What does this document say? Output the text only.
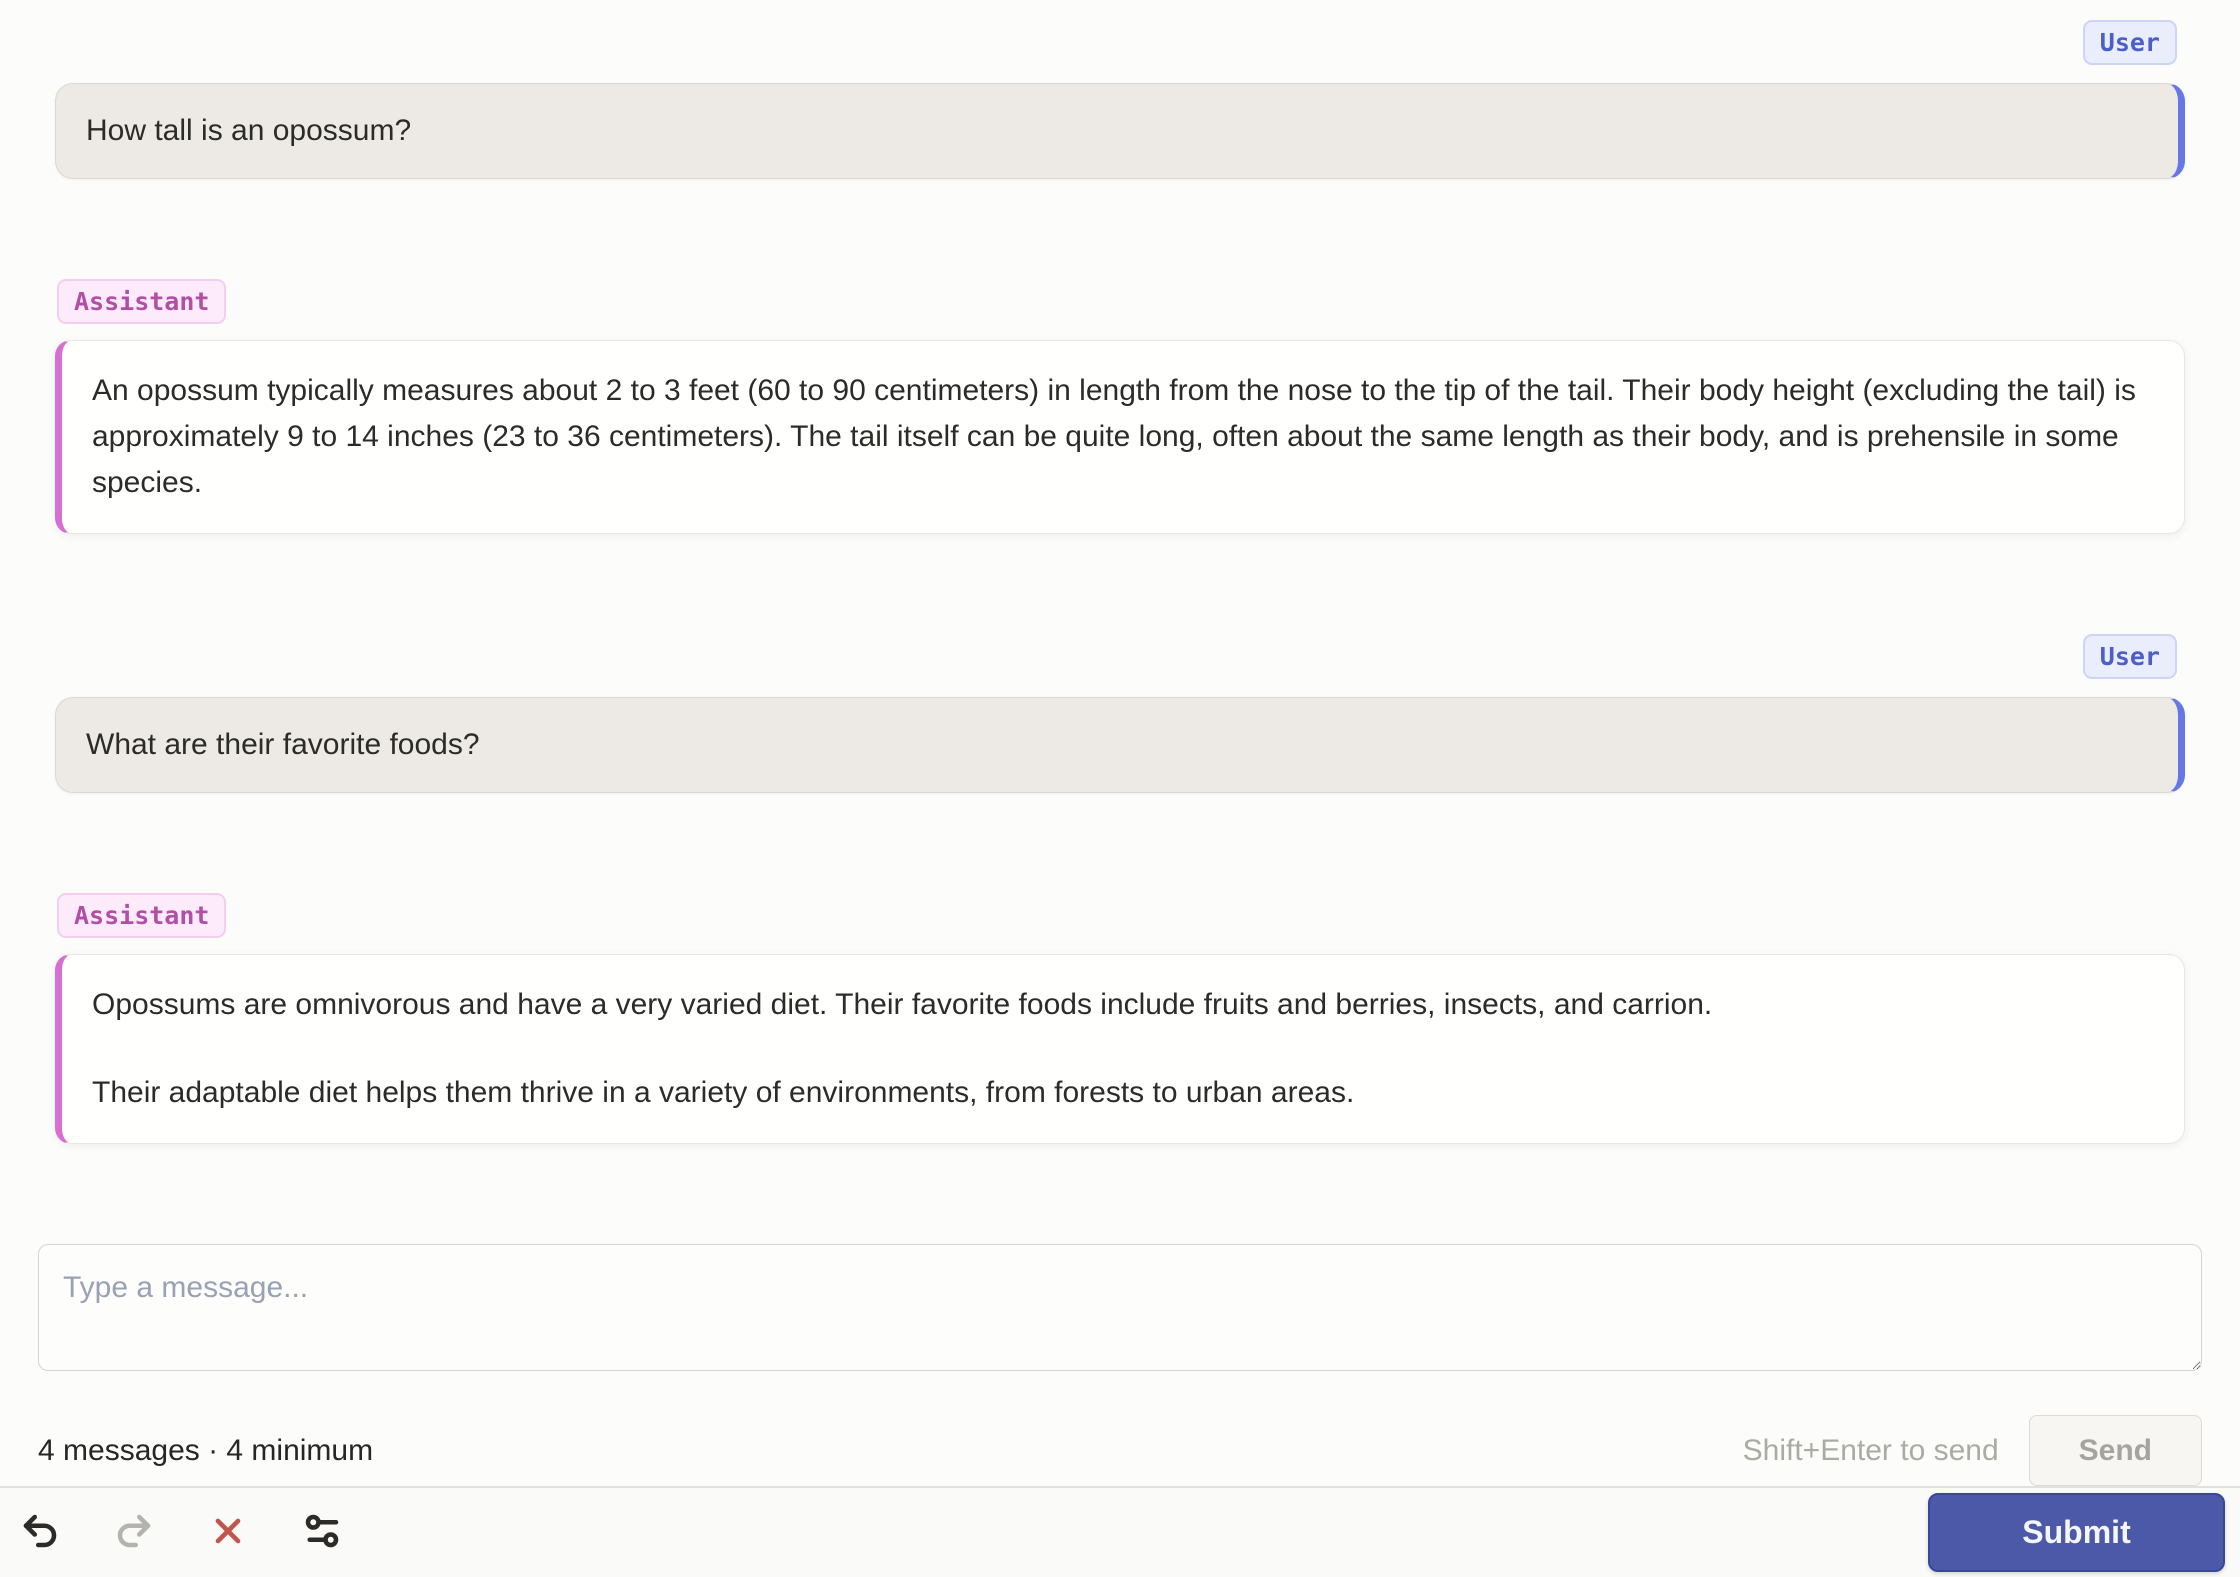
User
How tall is an opossum?
Assistant

An opossum typically measures about 2 to 3 feet (60 to 90 centimeters) in length from the nose to the tip of the tail. Their body height (excluding the tail) is approximately 9 to 14 inches (23 to 36 centimeters). The tail itself can be quite long, often about the same length as their body, and is prehensile in some species.

User
What are their favorite foods?
Assistant

Opossums are omnivorous and have a very varied diet. Their favorite foods include fruits and berries, insects, and carrion.

Their adaptable diet helps them thrive in a variety of environments, from forests to urban areas.

Type a message...
4 messages · 4 minimum	Shift+Enter to send	Send
Submit
